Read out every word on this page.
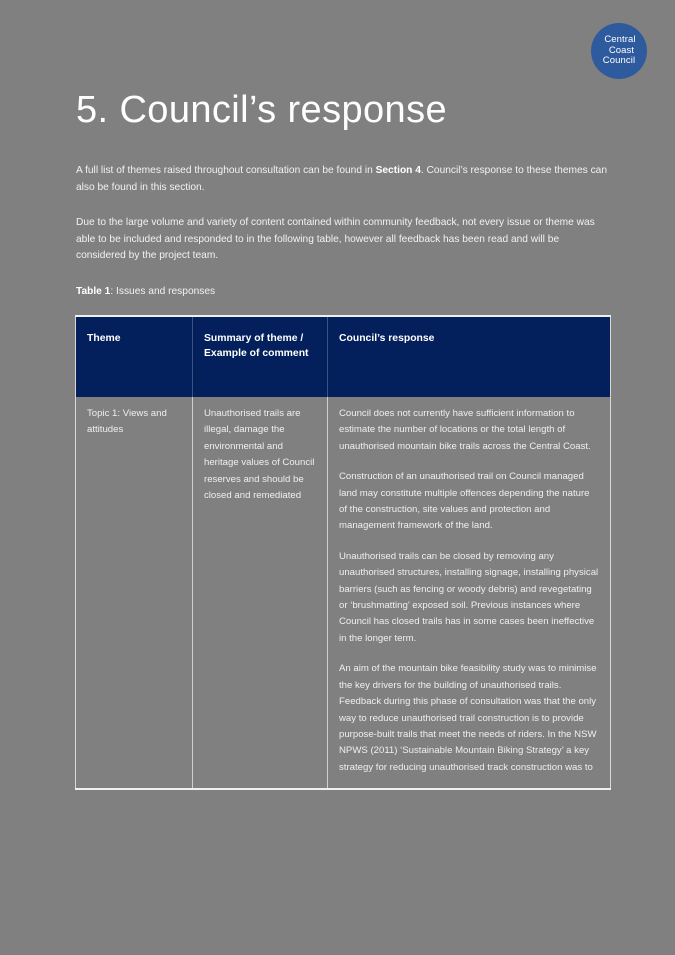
Central
Coast
Council
5. Council’s response
A full list of themes raised throughout consultation can be found in Section 4. Council’s response to these themes can also be found in this section.
Due to the large volume and variety of content contained within community feedback, not every issue or theme was able to be included and responded to in the following table, however all feedback has been read and will be considered by the project team.
Table 1: Issues and responses
Theme	Summary of theme / Example of comment	Council’s response
Topic 1: Views and attitudes	Unauthorised trails are illegal, damage the environmental and heritage values of Council reserves and should be closed and remediated	Council does not currently have sufficient information to estimate the number of locations or the total length of unauthorised mountain bike trails across the Central Coast.

Construction of an unauthorised trail on Council managed land may constitute multiple offences depending the nature of the construction, site values and protection and management framework of the land.

Unauthorised trails can be closed by removing any unauthorised structures, installing signage, installing physical barriers (such as fencing or woody debris) and revegetating or ‘brushmatting’ exposed soil. Previous instances where Council has closed trails has in some cases been ineffective in the longer term.

An aim of the mountain bike feasibility study was to minimise the key drivers for the building of unauthorised trails. Feedback during this phase of consultation was that the only way to reduce unauthorised trail construction is to provide purpose-built trails that meet the needs of riders. In the NSW NPWS (2011) ‘Sustainable Mountain Biking Strategy’ a key strategy for reducing unauthorised track construction was to
